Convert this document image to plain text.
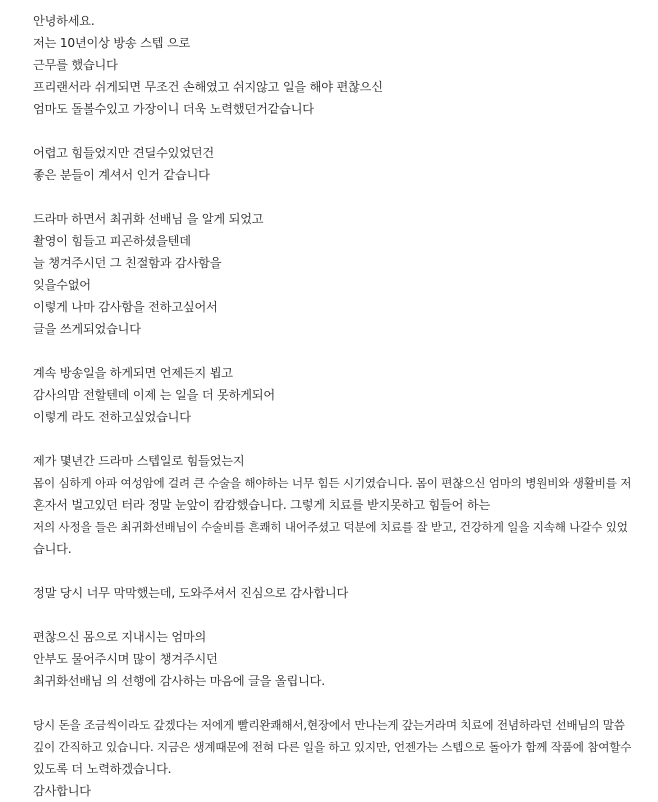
안녕하세요.
저는 10년이상 방송 스텝 으로
근무를 했습니다
프리랜서라 쉬게되면 무조건 손해였고 쉬지않고 일을 해야 편찮으신
엄마도 돌볼수있고 가장이니 더욱 노력했던거같습니다
어렵고 힘들었지만 견딜수있었던건
좋은 분들이 계셔서 인거 같습니다
드라마 하면서 최귀화 선배님 을 알게 되었고
촬영이 힘들고 피곤하셨을텐데
늘 챙겨주시던 그 친절함과 감사함을
잊을수없어
이렇게 나마 감사함을 전하고싶어서
글을 쓰게되었습니다
계속 방송일을 하게되면 언제든지 뵙고
감사의맘 전할텐데 이제 는 일을 더 못하게되어
이렇게 라도 전하고싶었습니다
제가 몇년간 드라마 스텝일로 힘들었는지
몸이 심하게 아파 여성암에 걸려 큰 수술을 해야하는 너무 힘든 시기였습니다. 몸이 편찮으신 엄마의 병원비와 생활비를 저
혼자서 벌고있던 터라 정말 눈앞이 캄캄했습니다. 그렇게 치료를 받지못하고 힘들어 하는
저의 사정을 들은 최귀화선배님이 수술비를 흔쾌히 내어주셨고 덕분에 치료를 잘 받고, 건강하게 일을 지속해 나갈수 있었
습니다.
정말 당시 너무 막막했는데, 도와주셔서 진심으로 감사합니다
편찮으신 몸으로 지내시는 엄마의
안부도 물어주시며 많이 챙겨주시던
최귀화선배님 의 선행에 감사하는 마음에 글을 올립니다.
당시 돈을 조금씩이라도 갚겠다는 저에게 빨리완쾌해서,현장에서 만나는게 갚는거라며 치료에 전념하라던 선배님의 말씀
깊이 간직하고 있습니다. 지금은 생계때문에 전혀 다른 일을 하고 있지만, 언젠가는 스텝으로 돌아가 함께 작품에 참여할수
있도록 더 노력하겠습니다.
감사합니다
